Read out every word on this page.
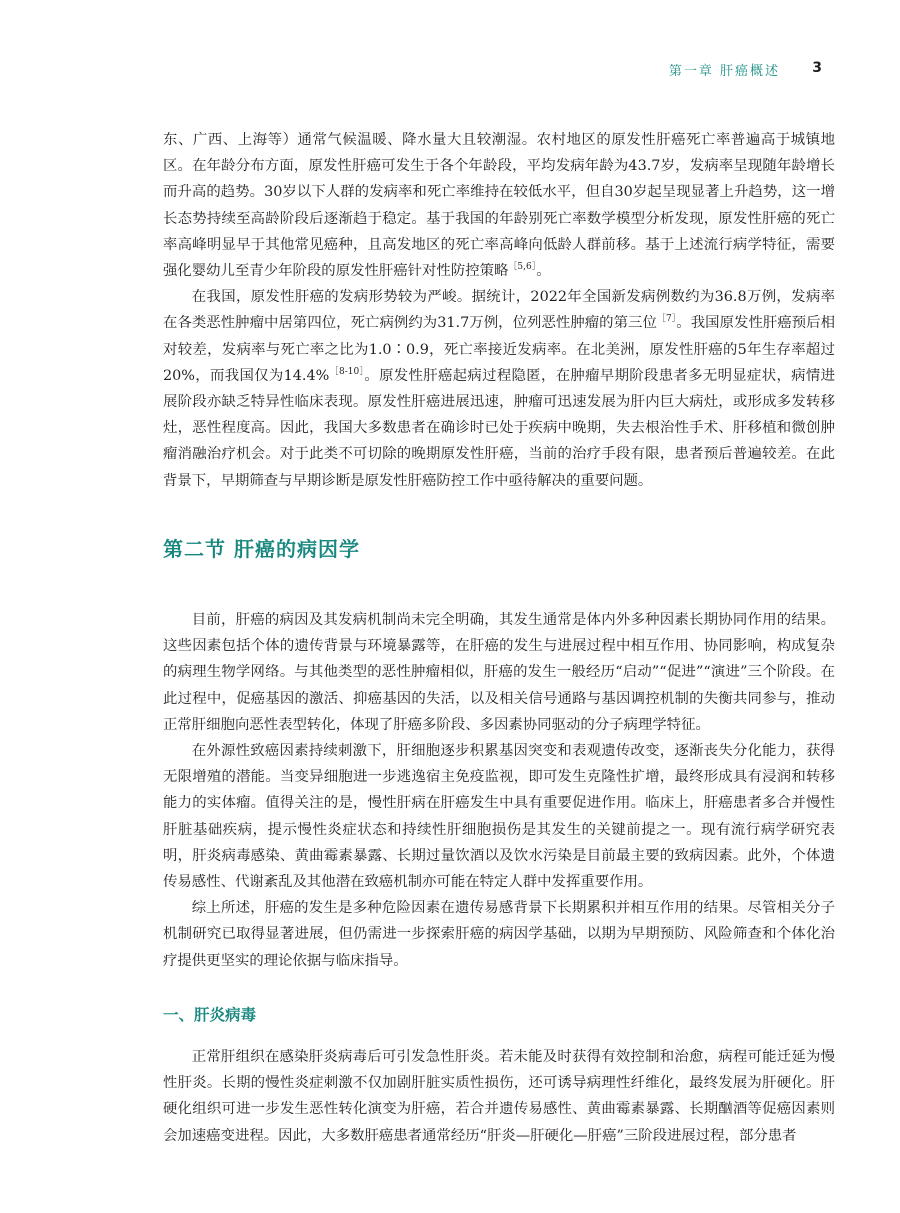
第一章 肝癌概述 3

东、广西、上海等）通常气候温暖、降水量大且较潮湿。农村地区的原发性肝癌死亡率普遍高于城镇地区。在年龄分布方面，原发性肝癌可发生于各个年龄段，平均发病年龄为43.7岁，发病率呈现随年龄增长而升高的趋势。30岁以下人群的发病率和死亡率维持在较低水平，但自30岁起呈现显著上升趋势，这一增长态势持续至高龄阶段后逐渐趋于稳定。基于我国的年龄别死亡率数学模型分析发现，原发性肝癌的死亡率高峰明显早于其他常见癌种，且高发地区的死亡率高峰向低龄人群前移。基于上述流行病学特征，需要强化婴幼儿至青少年阶段的原发性肝癌针对性防控策略$^{[5,6]}$。

在我国，原发性肝癌的发病形势较为严峻。据统计，2022年全国新发病例数约为36.8万例，发病率在各类恶性肿瘤中居第四位，死亡病例约为31.7万例，位列恶性肿瘤的第三位$^{[7]}$。我国原发性肝癌预后相对较差，发病率与死亡率之比为1.0∶0.9，死亡率接近发病率。在北美洲，原发性肝癌的5年生存率超过20%，而我国仅为14.4%$^{[8-10]}$。原发性肝癌起病过程隐匿，在肿瘤早期阶段患者多无明显症状，病情进展阶段亦缺乏特异性临床表现。原发性肝癌进展迅速，肿瘤可迅速发展为肝内巨大病灶，或形成多发转移灶，恶性程度高。因此，我国大多数患者在确诊时已处于疾病中晚期，失去根治性手术、肝移植和微创肿瘤消融治疗机会。对于此类不可切除的晚期原发性肝癌，当前的治疗手段有限，患者预后普遍较差。在此背景下，早期筛查与早期诊断是原发性肝癌防控工作中亟待解决的重要问题。

第二节 肝癌的病因学

目前，肝癌的病因及其发病机制尚未完全明确，其发生通常是体内外多种因素长期协同作用的结果。这些因素包括个体的遗传背景与环境暴露等，在肝癌的发生与进展过程中相互作用、协同影响，构成复杂的病理生物学网络。与其他类型的恶性肿瘤相似，肝癌的发生一般经历“启动”“促进”“演进”三个阶段。在此过程中，促癌基因的激活、抑癌基因的失活，以及相关信号通路与基因调控机制的失衡共同参与，推动正常肝细胞向恶性表型转化，体现了肝癌多阶段、多因素协同驱动的分子病理学特征。

在外源性致癌因素持续刺激下，肝细胞逐步积累基因突变和表观遗传改变，逐渐丧失分化能力，获得无限增殖的潜能。当变异细胞进一步逃逸宿主免疫监视，即可发生克隆性扩增，最终形成具有浸润和转移能力的实体瘤。值得关注的是，慢性肝病在肝癌发生中具有重要促进作用。临床上，肝癌患者多合并慢性肝脏基础疾病，提示慢性炎症状态和持续性肝细胞损伤是其发生的关键前提之一。现有流行病学研究表明，肝炎病毒感染、黄曲霉素暴露、长期过量饮酒以及饮水污染是目前最主要的致病因素。此外，个体遗传易感性、代谢紊乱及其他潜在致癌机制亦可能在特定人群中发挥重要作用。

综上所述，肝癌的发生是多种危险因素在遗传易感背景下长期累积并相互作用的结果。尽管相关分子机制研究已取得显著进展，但仍需进一步探索肝癌的病因学基础，以期为早期预防、风险筛查和个体化治疗提供更坚实的理论依据与临床指导。

一、肝炎病毒

正常肝组织在感染肝炎病毒后可引发急性肝炎。若未能及时获得有效控制和治愈，病程可能迁延为慢性肝炎。长期的慢性炎症刺激不仅加剧肝脏实质性损伤，还可诱导病理性纤维化，最终发展为肝硬化。肝硬化组织可进一步发生恶性转化演变为肝癌，若合并遗传易感性、黄曲霉素暴露、长期酗酒等促癌因素则会加速癌变进程。因此，大多数肝癌患者通常经历“肝炎—肝硬化—肝癌”三阶段进展过程，部分患者
